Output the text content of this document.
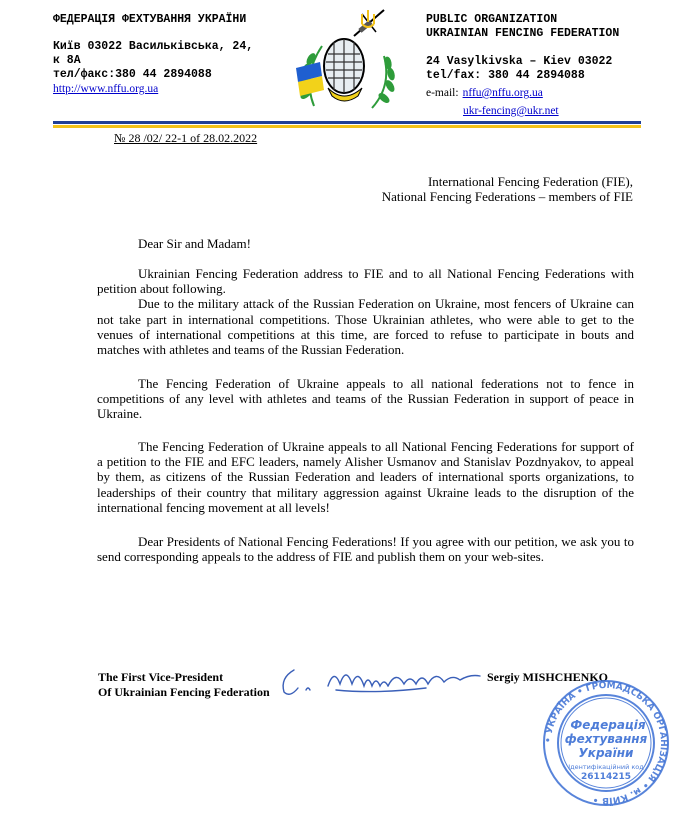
ФЕДЕРАЦІЯ ФЕХТУВАННЯ УКРАЇНИ
Київ 03022 Васильківська, 24,
к 8А
тел/факс:380 44 2894088
http://www.nffu.org.ua
PUBLIC ORGANIZATION
UKRAINIAN FENCING FEDERATION
24 Vasylkivska – Kiev 03022
tel/fax: 380 44 2894088
e-mail: nffu@nffu.org.ua
ukr-fencing@ukr.net
№ 28 /02/ 22-1 of 28.02.2022
International Fencing Federation (FIE),
National Fencing Federations – members of FIE

Dear Sir and Madam!

Ukrainian Fencing Federation address to FIE and to all National Fencing Federations with petition about following.

Due to the military attack of the Russian Federation on Ukraine, most fencers of Ukraine can not take part in international competitions. Those Ukrainian athletes, who were able to get to the venues of international competitions at this time, are forced to refuse to participate in bouts and matches with athletes and teams of the Russian Federation.

The Fencing Federation of Ukraine appeals to all national federations not to fence in competitions of any level with athletes and teams of the Russian Federation in support of peace in Ukraine.

The Fencing Federation of Ukraine appeals to all National Fencing Federations for support of a petition to the FIE and EFC leaders, namely Alisher Usmanov and Stanislav Pozdnyakov, to appeal by them, as citizens of the Russian Federation and leaders of international sports organizations, to leaderships of their country that military aggression against Ukraine leads to the disruption of the international fencing movement at all levels!

Dear Presidents of National Fencing Federations! If you agree with our petition, we ask you to send corresponding appeals to the address of FIE and publish them on your web-sites.

The First Vice-President
Of Ukrainian Fencing Federation
Sergiy MISHCHENKO
• УКРАЇНА • ГРОМАДСЬКА ОРГАНІЗАЦІЯ • м. КИЇВ •
Федерація
фехтування
України
Ідентифікаційний код
26114215
